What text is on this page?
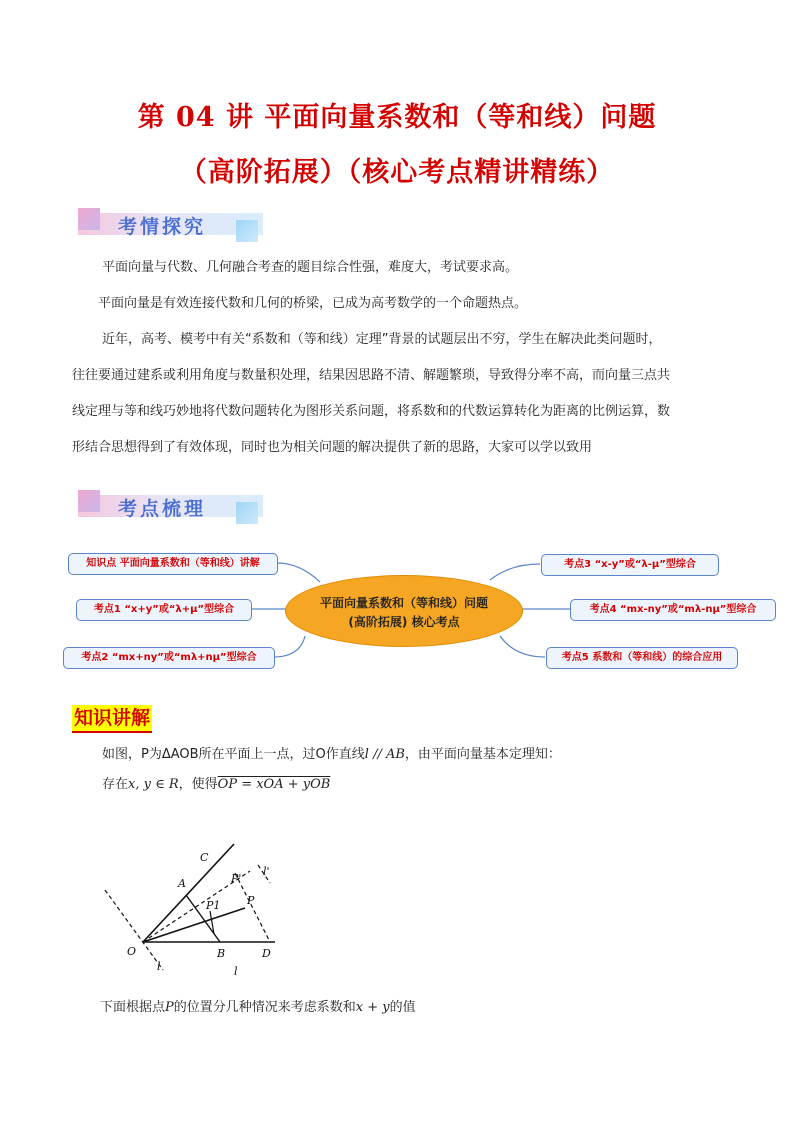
第 04 讲 平面向量系数和（等和线）问题
（高阶拓展）（核心考点精讲精练）
考情探究
平面向量与代数、几何融合考查的题目综合性强，难度大，考试要求高。
平面向量是有效连接代数和几何的桥梁，已成为高考数学的一个命题热点。
近年，高考、模考中有关“系数和（等和线）定理”背景的试题层出不穷，学生在解决此类问题时，
往往要通过建系或利用角度与数量积处理，结果因思路不清、解题繁琐，导致得分率不高，而向量三点共
线定理与等和线巧妙地将代数问题转化为图形关系问题，将系数和的代数运算转化为距离的比例运算，数
形结合思想得到了有效体现，同时也为相关问题的解决提供了新的思路，大家可以学以致用
考点梳理
平面向量系数和（等和线）问题
(高阶拓展) 核心考点
知识点 平面向量系数和（等和线）讲解
考点1 “x+y”或“λ+μ”型综合
考点2 “mx+ny”或“mλ+nμ”型综合
考点3 “x-y”或“λ-μ”型综合
考点4 “mx-ny”或“mλ-nμ”型综合
考点5 系数和（等和线）的综合应用
知识讲解
如图，P为ΔAOB所在平面上一点，过O作直线l // AB，由平面向量基本定理知：
存在x, y ∈ R，使得OP = xOA + yOB
C
A	P'
l'
P
P1
O	B	D
l	l
下面根据点P的位置分几种情况来考虑系数和x + y的值
